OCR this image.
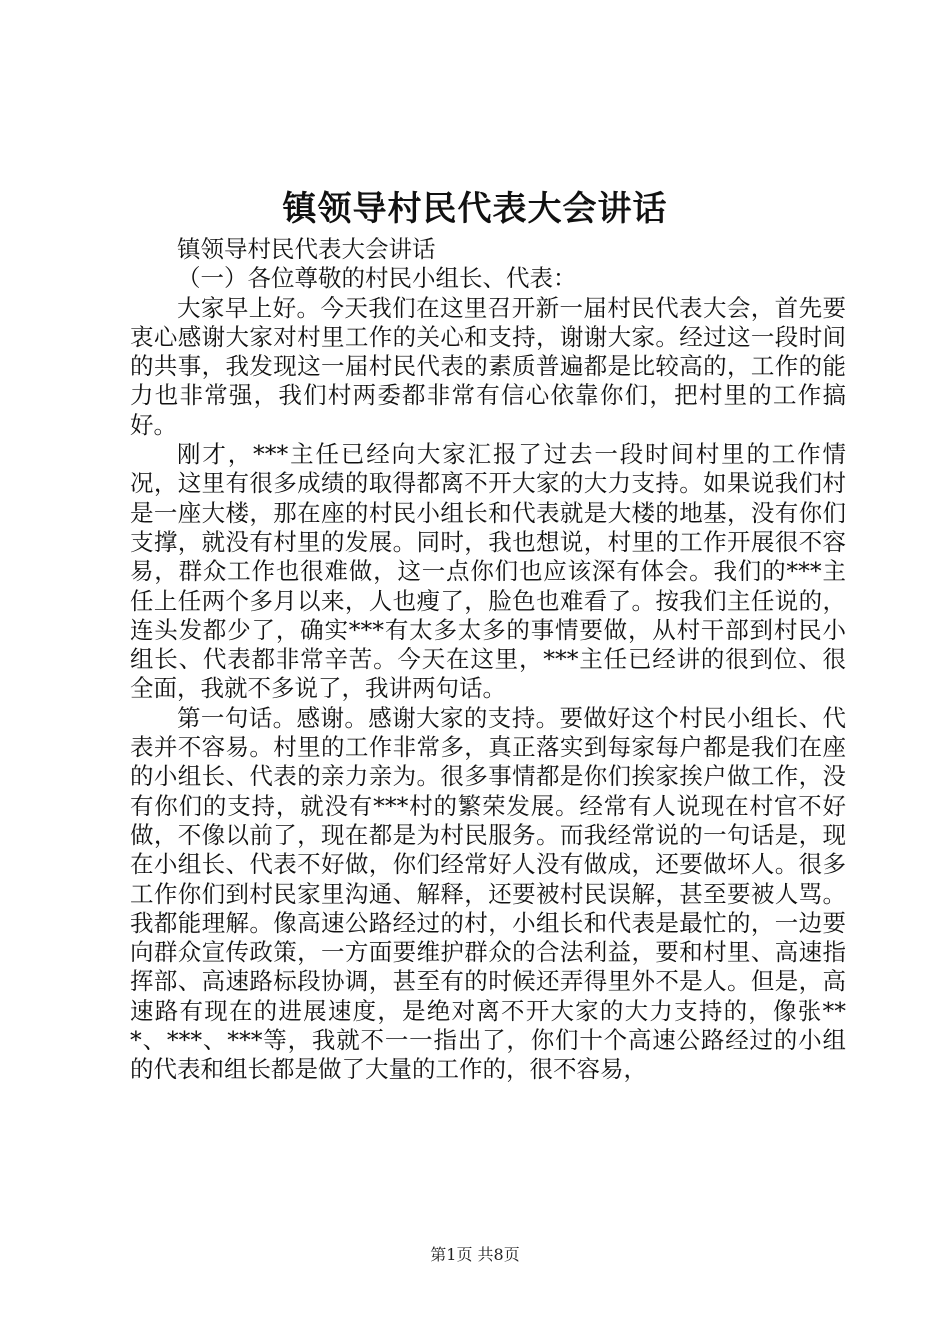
镇领导村民代表大会讲话

镇领导村民代表大会讲话

（一）各位尊敬的村民小组长、代表：

大家早上好。今天我们在这里召开新一届村民代表大会，首先要衷心感谢大家对村里工作的关心和支持，谢谢大家。经过这一段时间的共事，我发现这一届村民代表的素质普遍都是比较高的，工作的能力也非常强，我们村两委都非常有信心依靠你们，把村里的工作搞好。

刚才，***主任已经向大家汇报了过去一段时间村里的工作情况，这里有很多成绩的取得都离不开大家的大力支持。如果说我们村是一座大楼，那在座的村民小组长和代表就是大楼的地基，没有你们支撑，就没有村里的发展。同时，我也想说，村里的工作开展很不容易，群众工作也很难做，这一点你们也应该深有体会。我们的***主任上任两个多月以来，人也瘦了，脸色也难看了。按我们主任说的，连头发都少了，确实***有太多太多的事情要做，从村干部到村民小组长、代表都非常辛苦。今天在这里，***主任已经讲的很到位、很全面，我就不多说了，我讲两句话。

第一句话。感谢。感谢大家的支持。要做好这个村民小组长、代表并不容易。村里的工作非常多，真正落实到每家每户都是我们在座的小组长、代表的亲力亲为。很多事情都是你们挨家挨户做工作，没有你们的支持，就没有***村的繁荣发展。经常有人说现在村官不好做，不像以前了，现在都是为村民服务。而我经常说的一句话是，现在小组长、代表不好做，你们经常好人没有做成，还要做坏人。很多工作你们到村民家里沟通、解释，还要被村民误解，甚至要被人骂。我都能理解。像高速公路经过的村，小组长和代表是最忙的，一边要向群众宣传政策，一方面要维护群众的合法利益，要和村里、高速指挥部、高速路标段协调，甚至有的时候还弄得里外不是人。但是，高速路有现在的进展速度，是绝对离不开大家的大力支持的，像张***、***、***等，我就不一一指出了，你们十个高速公路经过的小组的代表和组长都是做了大量的工作的，很不容易，

第1页 共8页
